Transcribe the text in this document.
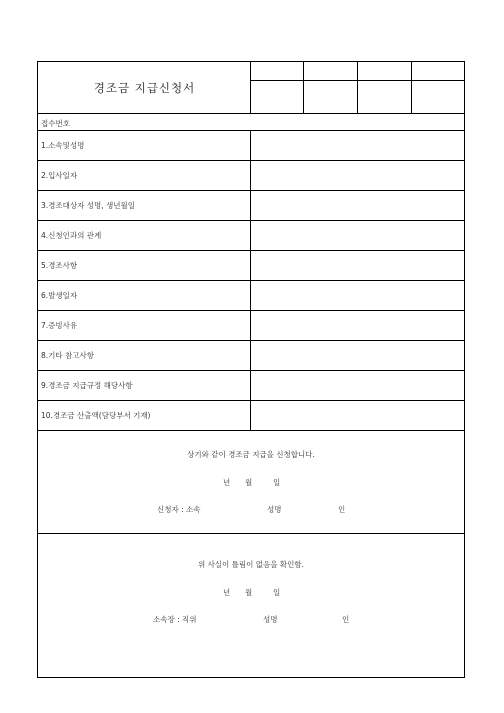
경조금 지급신청서
접수번호
1.소속및성명
2.입사일자
3.경조대상자 성명, 생년월일
4.신청인과의 관계
5.경조사항
6.발생일자
7.증빙사유
8.기타 참고사항
9.경조금 지급규정 해당사항
10.경조금 산출액(담당부서 기재)
상기와 같이 경조금 지급을 신청합니다.
년 월	일
신청자 : 소속	성명	인
위 사실이 틀림이 없음을 확인함.
년 월	일
소속장 : 직위	성명	인
